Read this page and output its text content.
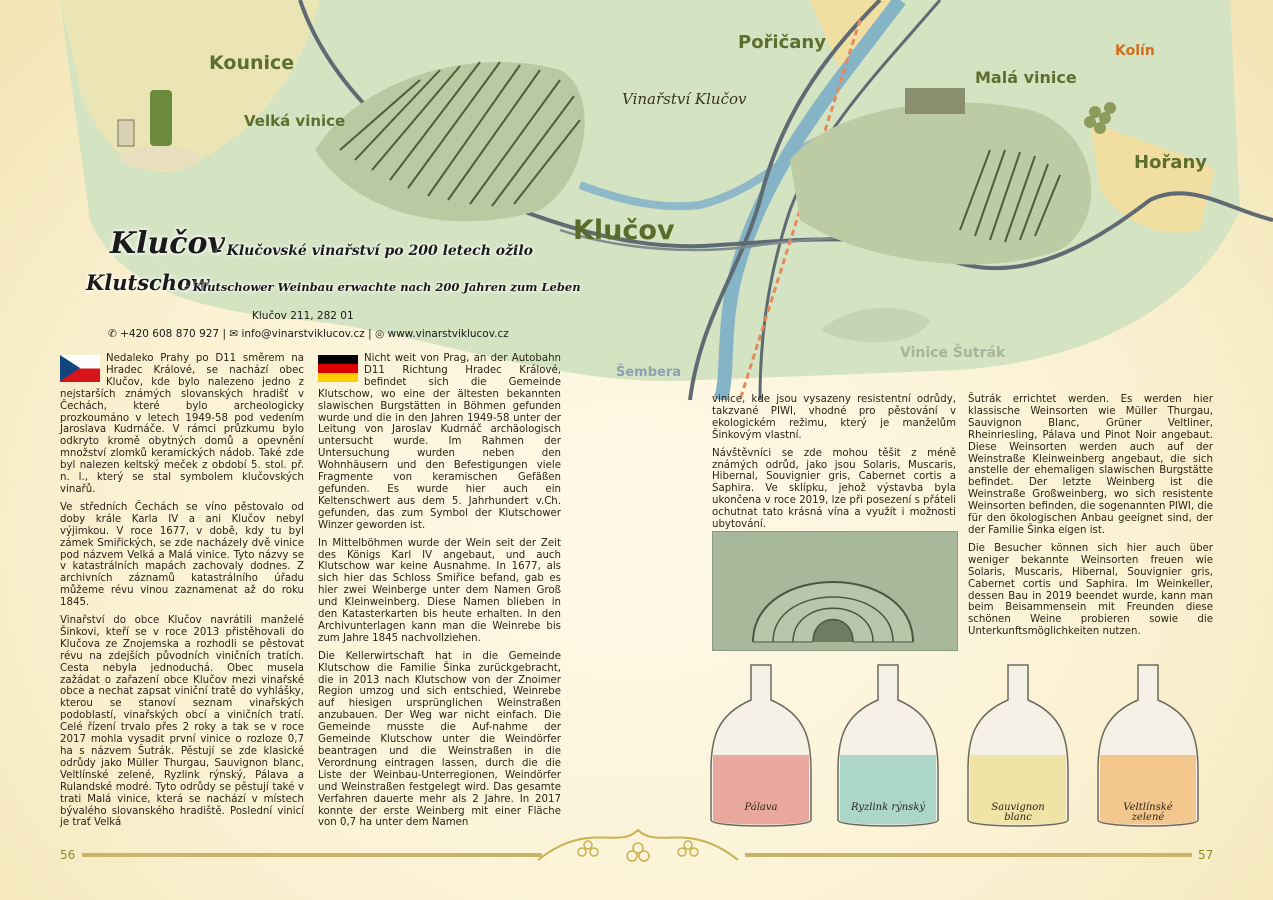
Kounice
Velká vinice
Pořičany	Kolín
Malá vinice
Hořany
Klučov
Šembera
Vinice Šutrák
Vinařství Klučov
Klučov
- Klučovské vinařství po 200 letech ožilo
Klutschow
- Klutschower Weinbau erwachte nach 200 Jahren zum Leben
Klučov 211, 282 01
✆ +420 608 870 927 | ✉ info@vinarstviklucov.cz | ◎ www.vinarstviklucov.cz

Nedaleko Prahy po D11 směrem na Hradec Králové, se nachází obec Klučov, kde bylo nalezeno jedno z nejstarších známých slovanských hradišť v Čechách, které bylo archeologicky prozkoumáno v letech 1949-58 pod vedením Jaroslava Kudrnáče. V rámci průzkumu bylo odkryto kromě obytných domů a opevnění množství zlomků keramických nádob. Také zde byl nalezen keltský meček z období 5. stol. př. n. l., který se stal symbolem klučovských vinařů.

Ve středních Čechách se víno pěstovalo od doby krále Karla IV a ani Klučov nebyl výjimkou. V roce 1677, v době, kdy tu byl zámek Smiřických, se zde nacházely dvě vinice pod názvem Velká a Malá vinice. Tyto názvy se v katastrálních mapách zachovaly dodnes. Z archivních záznamů katastrálního úřadu můžeme révu vinou zaznamenat až do roku 1845.

Vinařství do obce Klučov navrátili manželé Šinkovi, kteří se v roce 2013 přistěhovali do Klučova ze Znojemska a rozhodli se pěstovat révu na zdejších původních viničních tratích. Cesta nebyla jednoduchá. Obec musela zažádat o zařazení obce Klučov mezi vinařské obce a nechat zapsat viniční tratě do vyhlášky, kterou se stanoví seznam vinařských podoblastí, vinařských obcí a viničních tratí. Celé řízení trvalo přes 2 roky a tak se v roce 2017 mohla vysadit první vinice o rozloze 0,7 ha s názvem Šutrák. Pěstují se zde klasické odrůdy jako Müller Thurgau, Sauvignon blanc, Veltlínské zelené, Ryzlink rýnský, Pálava a Rulandské modré. Tyto odrůdy se pěstují také v trati Malá vinice, která se nachází v místech bývalého slovanského hradiště. Poslední vinicí je trať Velká

Nicht weit von Prag, an der Autobahn D11 Richtung Hradec Králové, befindet sich die Gemeinde Klutschow, wo eine der ältesten bekannten slawischen Burgstätten in Böhmen gefunden wurde und die in den Jahren 1949-58 unter der Leitung von Jaroslav Kudrnáč archäologisch untersucht wurde. Im Rahmen der Untersuchung wurden neben den Wohnhäusern und den Befestigungen viele Fragmente von keramischen Gefäßen gefunden. Es wurde hier auch ein Keltenschwert aus dem 5. Jahrhundert v.Ch. gefunden, das zum Symbol der Klutschower Winzer geworden ist.

In Mittelböhmen wurde der Wein seit der Zeit des Königs Karl IV angebaut, und auch Klutschow war keine Ausnahme. In 1677, als sich hier das Schloss Smiřice befand, gab es hier zwei Weinberge unter dem Namen Groß und Kleinweinberg. Diese Namen blieben in den Katasterkarten bis heute erhalten. In den Archivunterlagen kann man die Weinrebe bis zum Jahre 1845 nachvollziehen.

Die Kellerwirtschaft hat in die Gemeinde Klutschow die Familie Šinka zurückgebracht, die in 2013 nach Klutschow von der Znoimer Region umzog und sich entschied, Weinrebe auf hiesigen ursprünglichen Weinstraßen anzubauen. Der Weg war nicht einfach. Die Gemeinde musste die Auf-nahme der Gemeinde Klutschow unter die Weindörfer beantragen und die Weinstraßen in die Verordnung eintragen lassen, durch die die Liste der Weinbau-Unterregionen, Weindörfer und Weinstraßen festgelegt wird. Das gesamte Verfahren dauerte mehr als 2 Jahre. In 2017 konnte der erste Weinberg mit einer Fläche von 0,7 ha unter dem Namen

vinice, kde jsou vysazeny resistentní odrůdy, takzvané PIWI, vhodné pro pěstování v ekologickém režimu, který je manželům Šinkovým vlastní.

Návštěvníci se zde mohou těšit z méně známých odrůd, jako jsou Solaris, Muscaris, Hibernal, Souvignier gris, Cabernet cortis a Saphira. Ve sklípku, jehož výstavba byla ukončena v roce 2019, lze při posezení s přáteli ochutnat tato krásná vína a využít i možnosti ubytování.

Šutrák errichtet werden. Es werden hier klassische Weinsorten wie Müller Thurgau, Sauvignon Blanc, Grüner Veltliner, Rheinriesling, Pálava und Pinot Noir angebaut. Diese Weinsorten werden auch auf der Weinstraße Kleinweinberg angebaut, die sich anstelle der ehemaligen slawischen Burgstätte befindet. Der letzte Weinberg ist die Weinstraße Großweinberg, wo sich resistente Weinsorten befinden, die sogenannten PIWI, die für den ökologischen Anbau geeignet sind, der der Familie Šinka eigen ist.

Die Besucher können sich hier auch über weniger bekannte Weinsorten freuen wie Solaris, Muscaris, Hibernal, Souvignier gris, Cabernet cortis und Saphira. Im Weinkeller, dessen Bau in 2019 beendet wurde, kann man beim Beisammensein mit Freunden diese schönen Weine probieren sowie die Unterkunftsmöglichkeiten nutzen.

Pálava	Ryzlink rýnský	Sauvignon
blanc
Veltlínské
zelené
56	57
